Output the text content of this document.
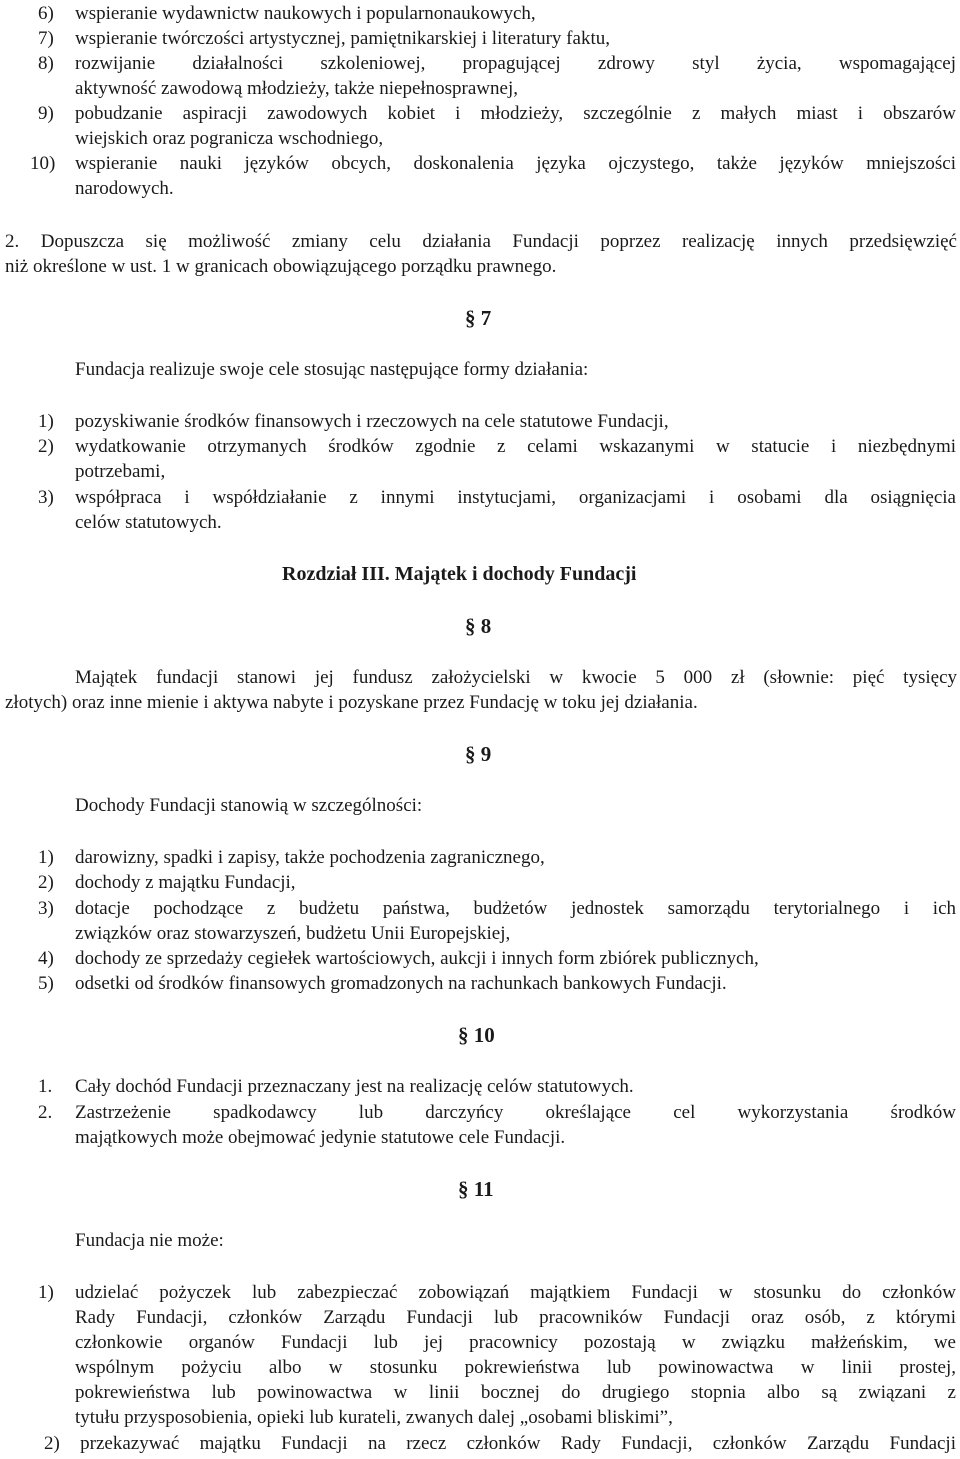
6) wspieranie wydawnictw naukowych i popularnonaukowych,
7) wspieranie twórczości artystycznej, pamiętnikarskiej i literatury faktu,
8) rozwijanie działalności szkoleniowej, propagującej zdrowy styl życia, wspomagającej
aktywność zawodową młodzieży, także niepełnosprawnej,
9) pobudzanie aspiracji zawodowych kobiet i młodzieży, szczególnie z małych miast i obszarów
wiejskich oraz pogranicza wschodniego,
10) wspieranie nauki języków obcych, doskonalenia języka ojczystego, także języków mniejszości
narodowych.
2. Dopuszcza się możliwość zmiany celu działania Fundacji poprzez realizację innych przedsięwzięć
niż określone w ust. 1 w granicach obowiązującego porządku prawnego.
§ 7
Fundacja realizuje swoje cele stosując następujące formy działania:
1) pozyskiwanie środków finansowych i rzeczowych na cele statutowe Fundacji,
2) wydatkowanie otrzymanych środków zgodnie z celami wskazanymi w statucie i niezbędnymi
potrzebami,
3) współpraca i współdziałanie z innymi instytucjami, organizacjami i osobami dla osiągnięcia
celów statutowych.
Rozdział III. Majątek i dochody Fundacji
§ 8
Majątek fundacji stanowi jej fundusz założycielski w kwocie 5 000 zł (słownie: pięć tysięcy
złotych) oraz inne mienie i aktywa nabyte i pozyskane przez Fundację w toku jej działania.
§ 9
Dochody Fundacji stanowią w szczególności:
1) darowizny, spadki i zapisy, także pochodzenia zagranicznego,
2) dochody z majątku Fundacji,
3) dotacje pochodzące z budżetu państwa, budżetów jednostek samorządu terytorialnego i ich
związków oraz stowarzyszeń, budżetu Unii Europejskiej,
4) dochody ze sprzedaży cegiełek wartościowych, aukcji i innych form zbiórek publicznych,
5) odsetki od środków finansowych gromadzonych na rachunkach bankowych Fundacji.
§ 10
1. Cały dochód Fundacji przeznaczany jest na realizację celów statutowych.
2. Zastrzeżenie spadkodawcy lub darczyńcy określające cel wykorzystania środków
majątkowych może obejmować jedynie statutowe cele Fundacji.
§ 11
Fundacja nie może:
1) udzielać pożyczek lub zabezpieczać zobowiązań majątkiem Fundacji w stosunku do członków
Rady Fundacji, członków Zarządu Fundacji lub pracowników Fundacji oraz osób, z którymi
członkowie organów Fundacji lub jej pracownicy pozostają w związku małżeńskim, we
wspólnym pożyciu albo w stosunku pokrewieństwa lub powinowactwa w linii prostej,
pokrewieństwa lub powinowactwa w linii bocznej do drugiego stopnia albo są związani z
tytułu przysposobienia, opieki lub kurateli, zwanych dalej „osobami bliskimi”,
2) przekazywać majątku Fundacji na rzecz członków Rady Fundacji, członków Zarządu Fundacji
